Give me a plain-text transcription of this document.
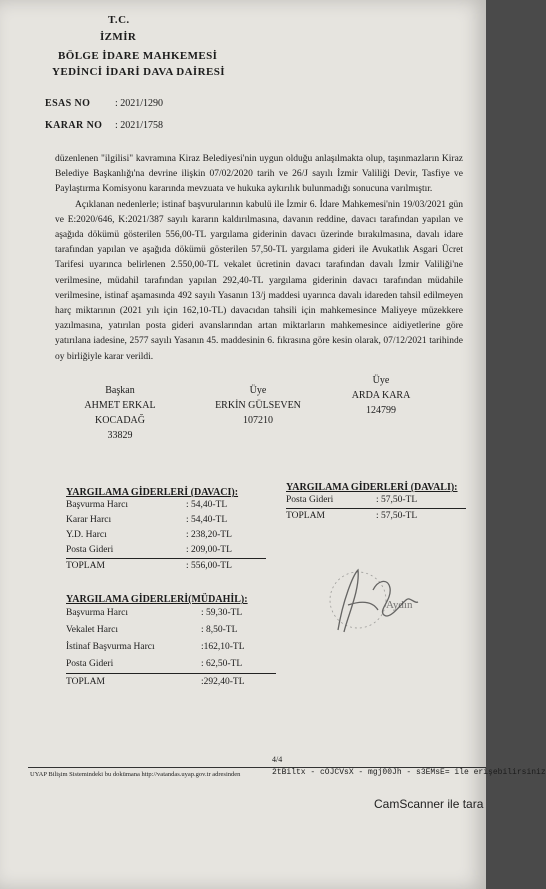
T.C.
İZMİR
BÖLGE İDARE MAHKEMESİ
YEDİNCİ İDARİ DAVA DAİRESİ
ESAS NO : 2021/1290
KARAR NO : 2021/1758

düzenlenen "ilgilisi" kavramına Kiraz Belediyesi'nin uygun olduğu anlaşılmakta olup, taşınmazların Kiraz Belediye Başkanlığı'na devrine ilişkin 07/02/2020 tarih ve 26/J sayılı İzmir Valiliği Devir, Tasfiye ve Paylaştırma Komisyonu kararında mevzuata ve hukuka aykırılık bulunmadığı sonucuna varılmıştır.

Açıklanan nedenlerle; istinaf başvurularının kabulü ile İzmir 6. İdare Mahkemesi'nin 19/03/2021 gün ve E:2020/646, K:2021/387 sayılı kararın kaldırılmasına, davanın reddine, davacı tarafından yapılan ve aşağıda dökümü gösterilen 556,00-TL yargılama giderinin davacı üzerinde bırakılmasına, davalı idare tarafından yapılan ve aşağıda dökümü gösterilen 57,50-TL yargılama gideri ile Avukatlık Asgari Ücret Tarifesi uyarınca belirlenen 2.550,00-TL vekalet ücretinin davacı tarafından davalı İzmir Valiliği'ne verilmesine, müdahil tarafından yapılan 292,40-TL yargılama giderinin davacı tarafından müdahile verilmesine, istinaf aşamasında 492 sayılı Yasanın 13/j maddesi uyarınca davalı idareden tahsil edilmeyen harç miktarının (2021 yılı için 162,10-TL) davacıdan tahsili için mahkemesince Maliyeye müzekkere yazılmasına, yatırılan posta gideri avanslarından artan miktarların mahkemesince aidiyetlerine göre yatırılana iadesine, 2577 sayılı Yasanın 45. maddesinin 6. fıkrasına göre kesin olarak, 07/12/2021 tarihinde oy birliğiyle karar verildi.

Başkan
AHMET ERKAL
KOCADAĞ
33829
Üye
ERKİN GÜLSEVEN
107210
Üye
ARDA KARA
124799
YARGILAMA GİDERLERİ (DAVACI):
Başvurma Harcı	: 54,40-TL
Karar Harcı	: 54,40-TL
Y.D. Harcı	: 238,20-TL
Posta Gideri	: 209,00-TL
TOPLAM	: 556,00-TL
YARGILAMA GİDERLERİ (DAVALI):
Posta Gideri	: 57,50-TL
TOPLAM	: 57,50-TL
Aydın
YARGILAMA GİDERLERİ(MÜDAHİL):
Başvurma Harcı	: 59,30-TL
Vekalet Harcı	: 8,50-TL
İstinaf Başvurma Harcı	:162,10-TL
Posta Gideri	: 62,50-TL
TOPLAM	:292,40-TL
4/4
UYAP Bilişim Sistemindeki bu dokümana http://vatandas.uyap.gov.tr adresinden	2tBiltx - cOJCVsX - mgj00Jh - s3EMsE= ile erişebilirsiniz
CamScanner ile tara
